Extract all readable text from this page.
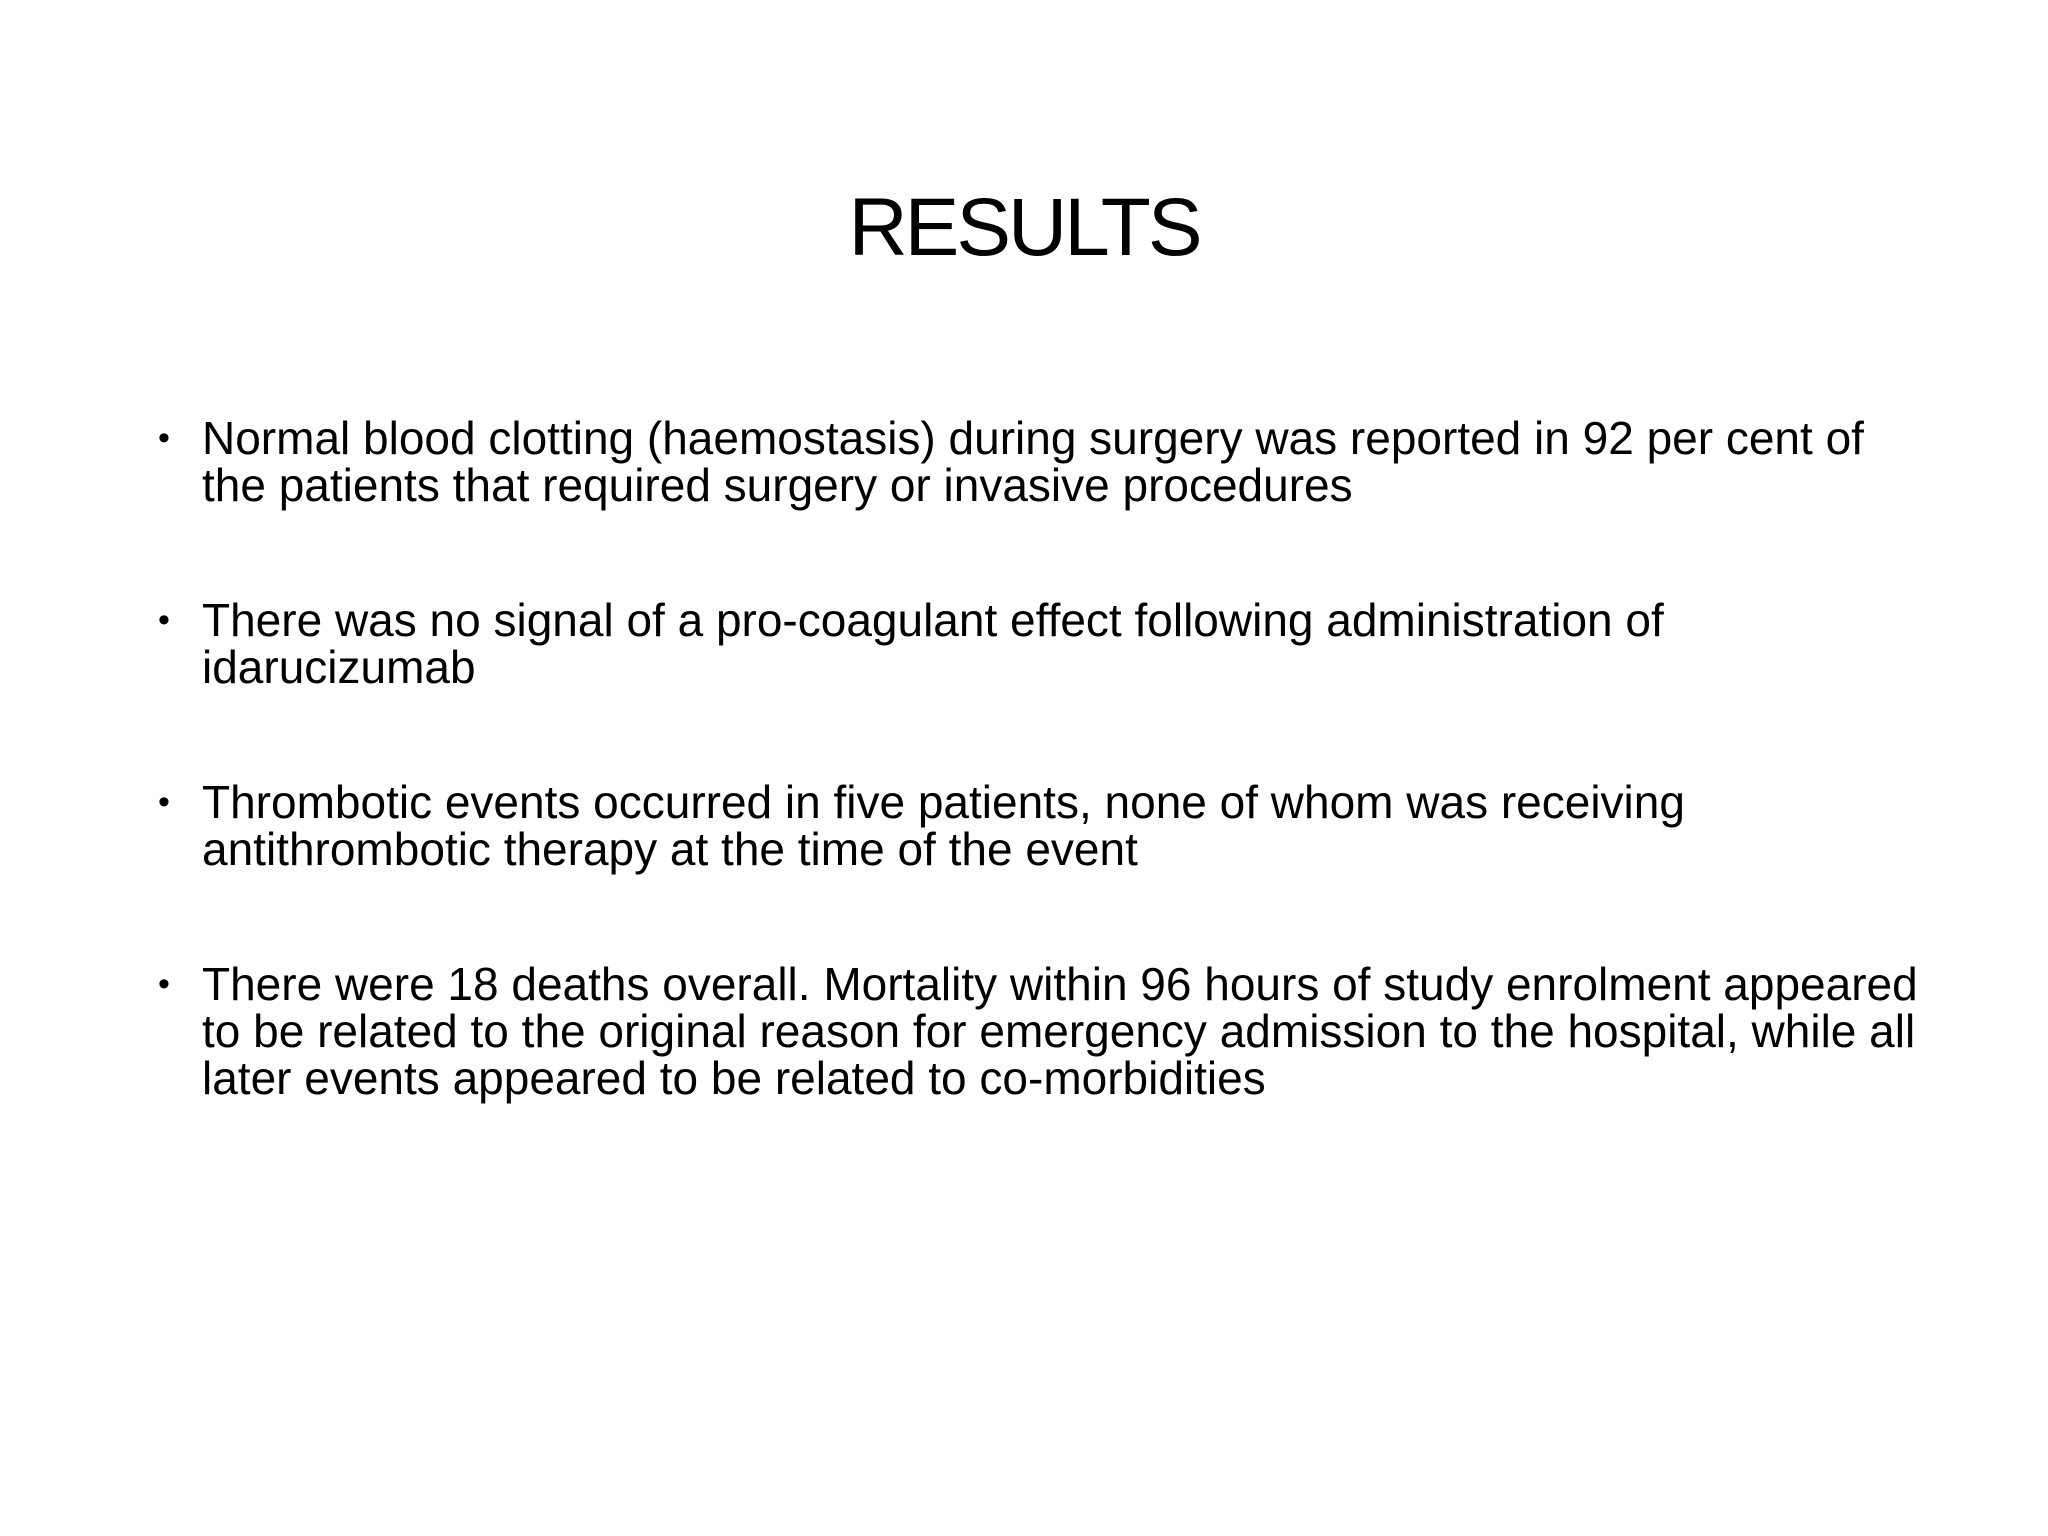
RESULTS
• Normal blood clotting (haemostasis) during surgery was reported in 92 per cent of the patients that required surgery or invasive procedures
• There was no signal of a pro-coagulant effect following administration of idarucizumab
• Thrombotic events occurred in five patients, none of whom was receiving antithrombotic therapy at the time of the event
• There were 18 deaths overall. Mortality within 96 hours of study enrolment appeared to be related to the original reason for emergency admission to the hospital, while all later events appeared to be related to co-morbidities
